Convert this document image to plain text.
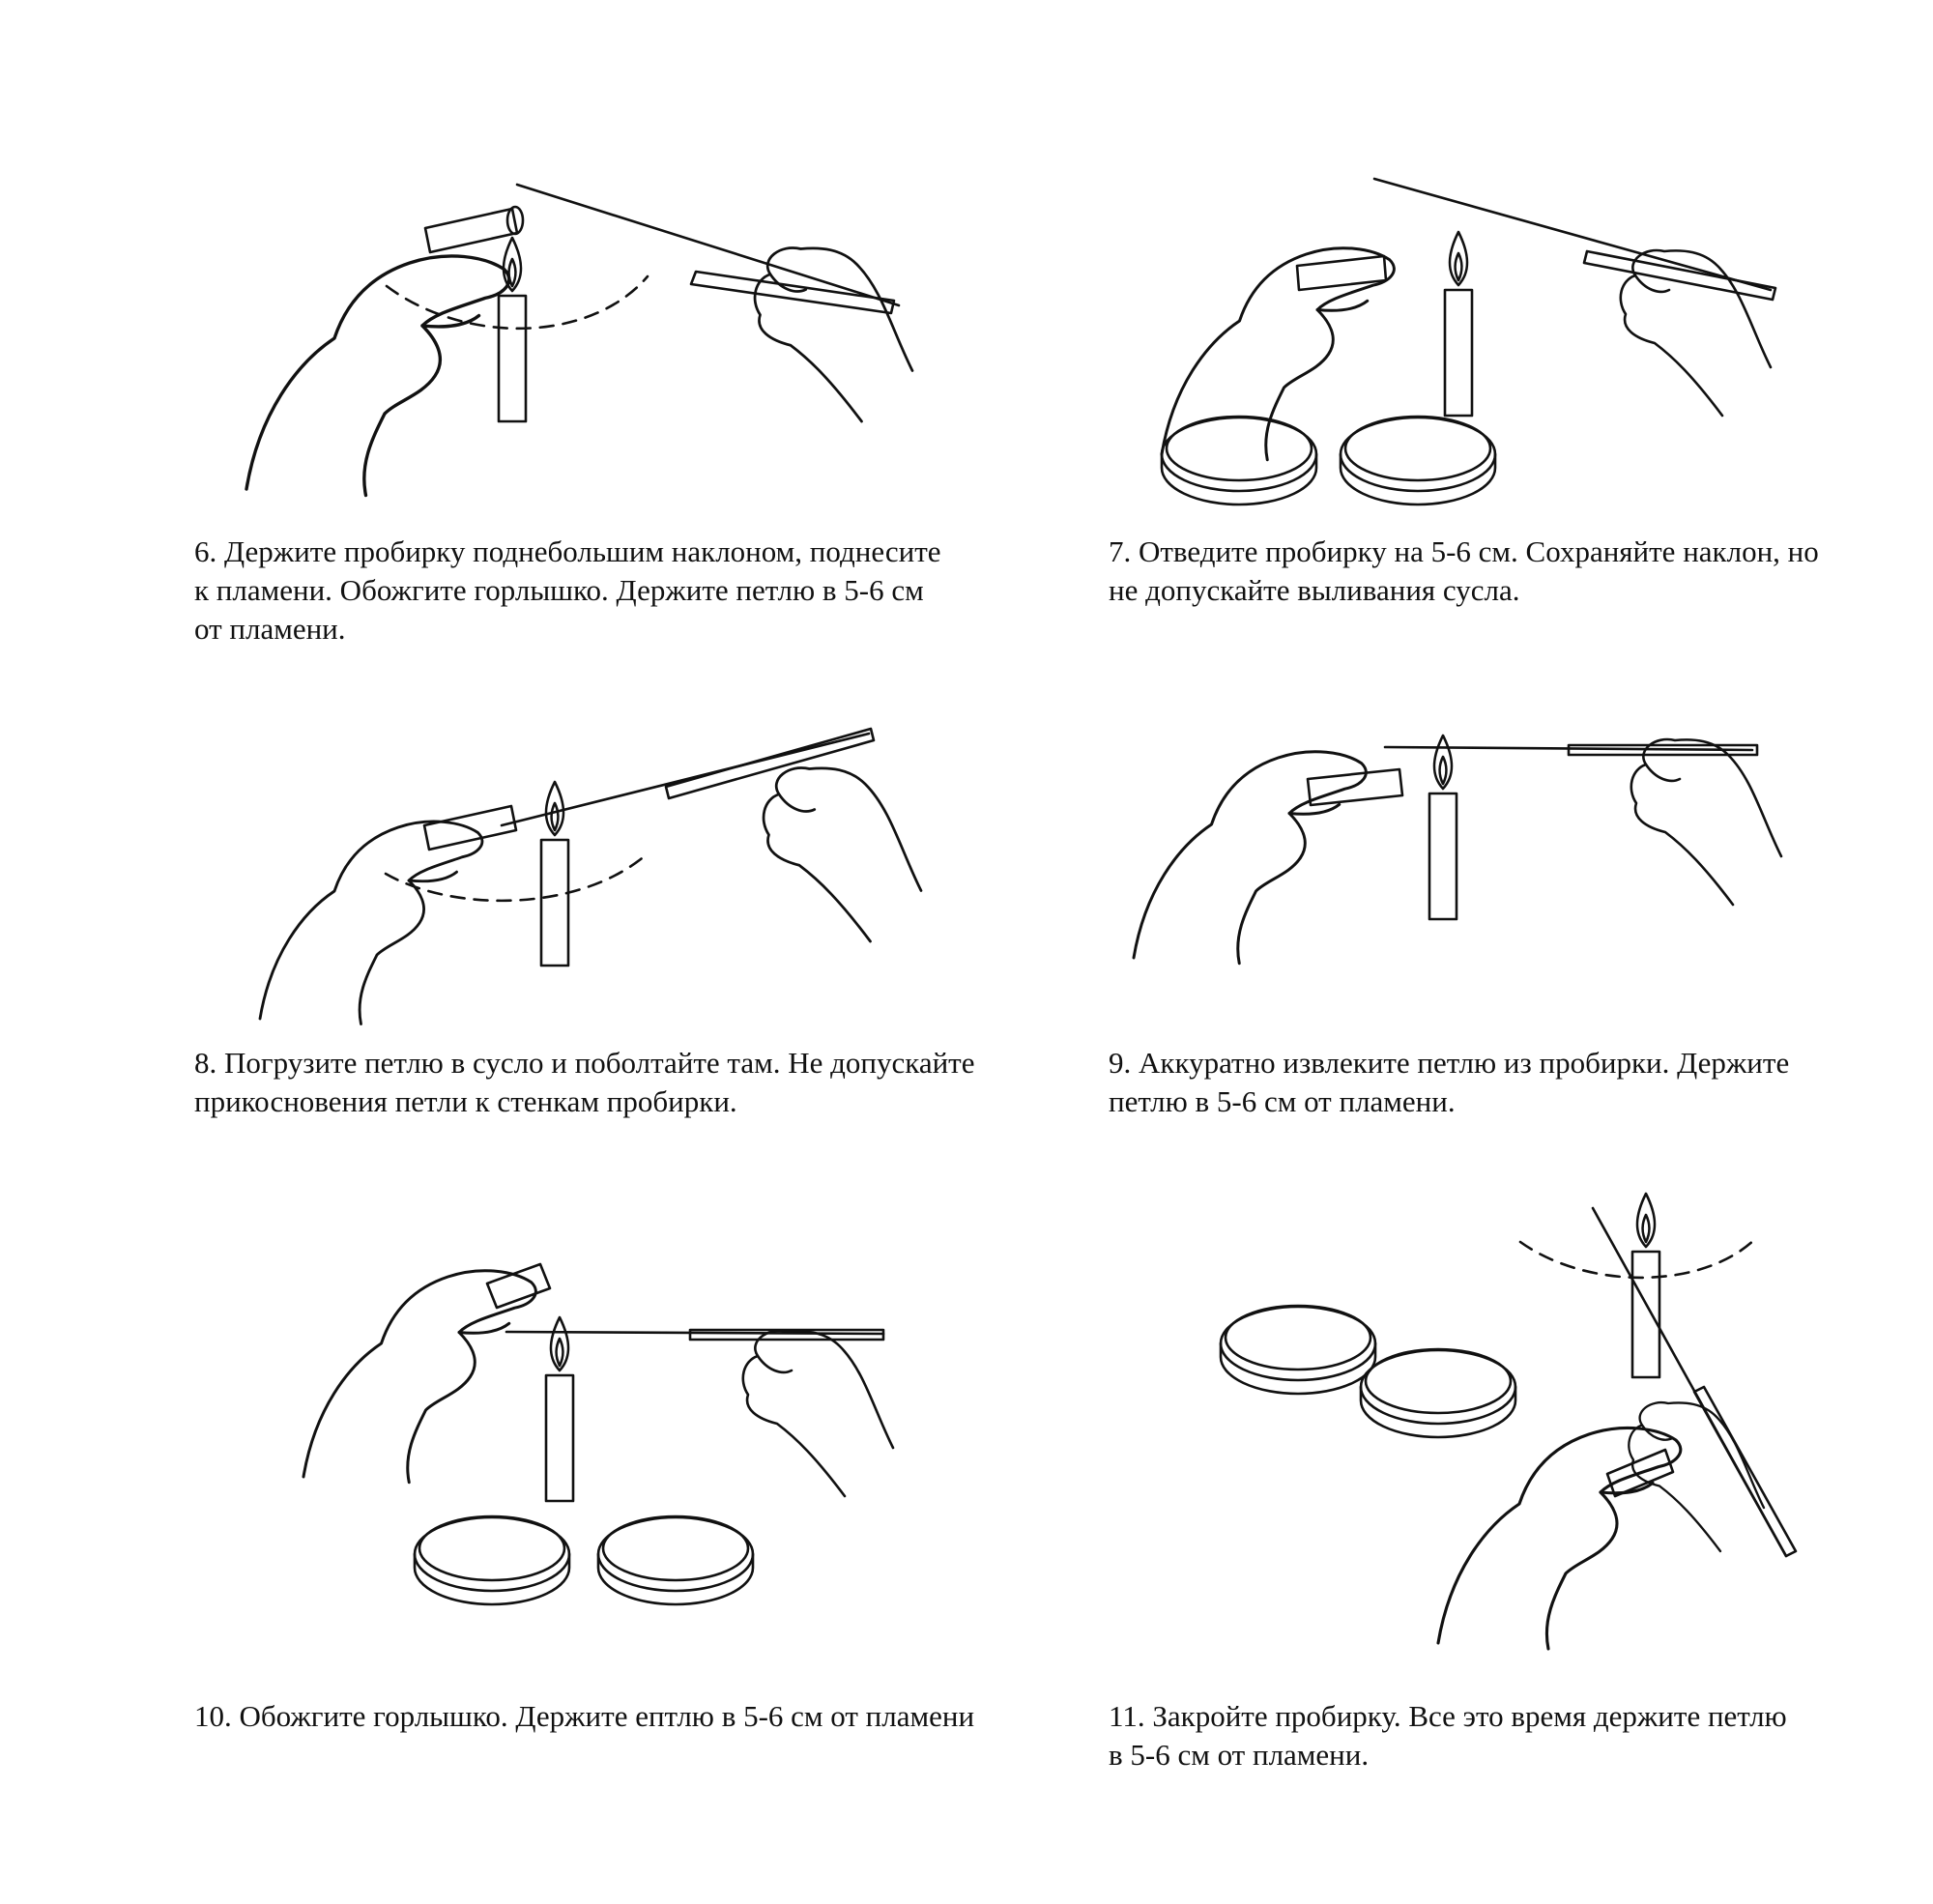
6. Держите пробирку поднебольшим наклоном, поднесите
к пламени. Обожгите горлышко. Держите петлю в 5-6 см
от пламени.
7. Отведите пробирку на 5-6 см. Сохраняйте наклон, но
не допускайте выливания сусла.
8. Погрузите петлю в сусло и поболтайте там. Не допускайте
прикосновения петли к стенкам пробирки.
9. Аккуратно извлеките петлю из пробирки. Держите
петлю в 5-6 см от пламени.
10. Обожгите горлышко. Держите ептлю в 5-6 см от пламени	11. Закройте пробирку. Все это время держите петлю
в 5-6 см от пламени.
